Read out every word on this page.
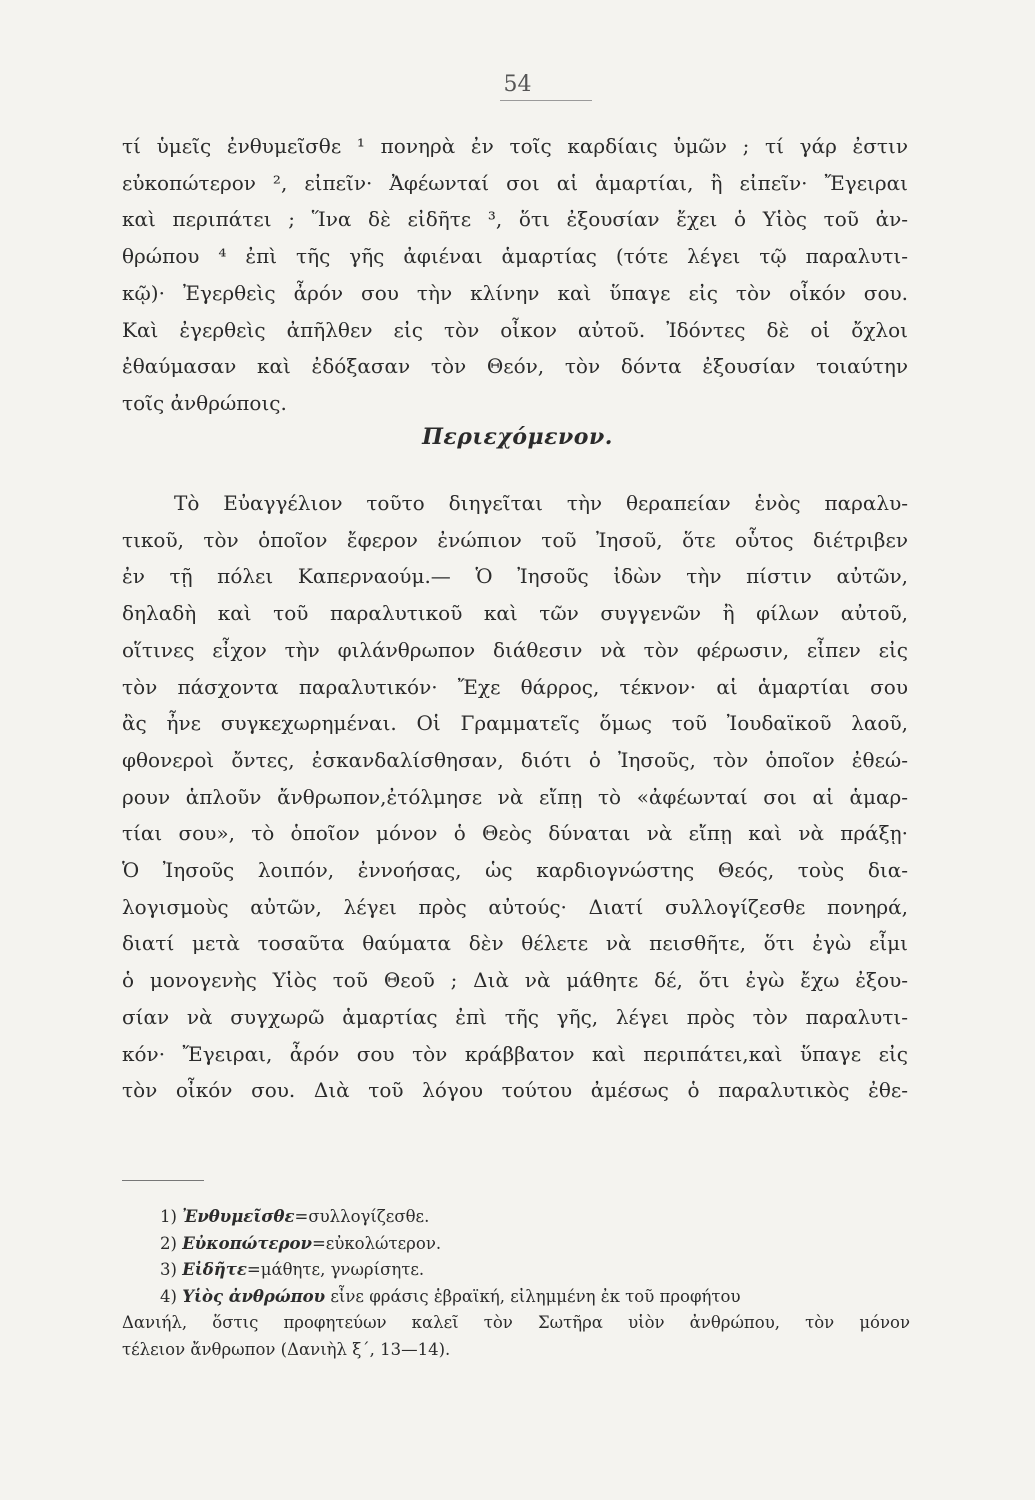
54
τί ὑμεῖς ἐνθυμεῖσθε ¹ πονηρὰ ἐν τοῖς καρδίαις ὑμῶν ; τί γάρ ἐστιν
εὐκοπώτερον ², εἰπεῖν· Ἀφέωνταί σοι αἱ ἁμαρτίαι, ἢ εἰπεῖν· Ἔγειραι
καὶ περιπάτει ; Ἵνα δὲ εἰδῆτε ³, ὅτι ἐξουσίαν ἔχει ὁ Υἱὸς τοῦ ἀν-
θρώπου ⁴ ἐπὶ τῆς γῆς ἀφιέναι ἁμαρτίας (τότε λέγει τῷ παραλυτι-
κῷ)· Ἐγερθεὶς ἆρόν σου τὴν κλίνην καὶ ὕπαγε εἰς τὸν οἶκόν σου.
Καὶ ἐγερθεὶς ἀπῆλθεν εἰς τὸν οἶκον αὐτοῦ. Ἰδόντες δὲ οἱ ὄχλοι
ἐθαύμασαν καὶ ἐδόξασαν τὸν Θεόν, τὸν δόντα ἐξουσίαν τοιαύτην
τοῖς ἀνθρώποις.
Περιεχόμενον.
Τὸ Εὐαγγέλιον τοῦτο διηγεῖται τὴν θεραπείαν ἑνὸς παραλυ-
τικοῦ, τὸν ὁποῖον ἔφερον ἐνώπιον τοῦ Ἰησοῦ, ὅτε οὗτος διέτριβεν
ἐν τῇ πόλει Καπερναούμ.— Ὁ Ἰησοῦς ἰδὼν τὴν πίστιν αὐτῶν,
δηλαδὴ καὶ τοῦ παραλυτικοῦ καὶ τῶν συγγενῶν ἢ φίλων αὐτοῦ,
οἵτινες εἶχον τὴν φιλάνθρωπον διάθεσιν νὰ τὸν φέρωσιν, εἶπεν εἰς
τὸν πάσχοντα παραλυτικόν· Ἔχε θάρρος, τέκνον· αἱ ἁμαρτίαι σου
ἂς ἦνε συγκεχωρημέναι. Οἱ Γραμματεῖς ὅμως τοῦ Ἰουδαϊκοῦ λαοῦ,
φθονεροὶ ὄντες, ἐσκανδαλίσθησαν, διότι ὁ Ἰησοῦς, τὸν ὁποῖον ἐθεώ-
ρουν ἁπλοῦν ἄνθρωπον,ἐτόλμησε νὰ εἴπῃ τὸ «ἀφέωνταί σοι αἱ ἁμαρ-
τίαι σου», τὸ ὁποῖον μόνον ὁ Θεὸς δύναται νὰ εἴπῃ καὶ νὰ πράξῃ·
Ὁ Ἰησοῦς λοιπόν, ἐννοήσας, ὡς καρδιογνώστης Θεός, τοὺς δια-
λογισμοὺς αὐτῶν, λέγει πρὸς αὐτούς· Διατί συλλογίζεσθε πονηρά,
διατί μετὰ τοσαῦτα θαύματα δὲν θέλετε νὰ πεισθῆτε, ὅτι ἐγὼ εἶμι
ὁ μονογενὴς Υἱὸς τοῦ Θεοῦ ; Διὰ νὰ μάθητε δέ, ὅτι ἐγὼ ἔχω ἐξου-
σίαν νὰ συγχωρῶ ἁμαρτίας ἐπὶ τῆς γῆς, λέγει πρὸς τὸν παραλυτι-
κόν· Ἔγειραι, ἆρόν σου τὸν κράββατον καὶ περιπάτει,καὶ ὕπαγε εἰς
τὸν οἶκόν σου. Διὰ τοῦ λόγου τούτου ἀμέσως ὁ παραλυτικὸς ἐθε-
1) Ἐνθυμεῖσθε=συλλογίζεσθε.
2) Εὐκοπώτερον=εὐκολώτερον.
3) Εἰδῆτε=μάθητε, γνωρίσητε.
4) Υἱὸς ἀνθρώπου εἶνε φράσις ἑβραϊκή, εἰλημμένη ἐκ τοῦ προφήτου
Δανιήλ, ὅστις προφητεύων καλεῖ τὸν Σωτῆρα υἱὸν ἀνθρώπου, τὸν μόνον
τέλειον ἄνθρωπον (Δανιὴλ ξ΄, 13—14).
